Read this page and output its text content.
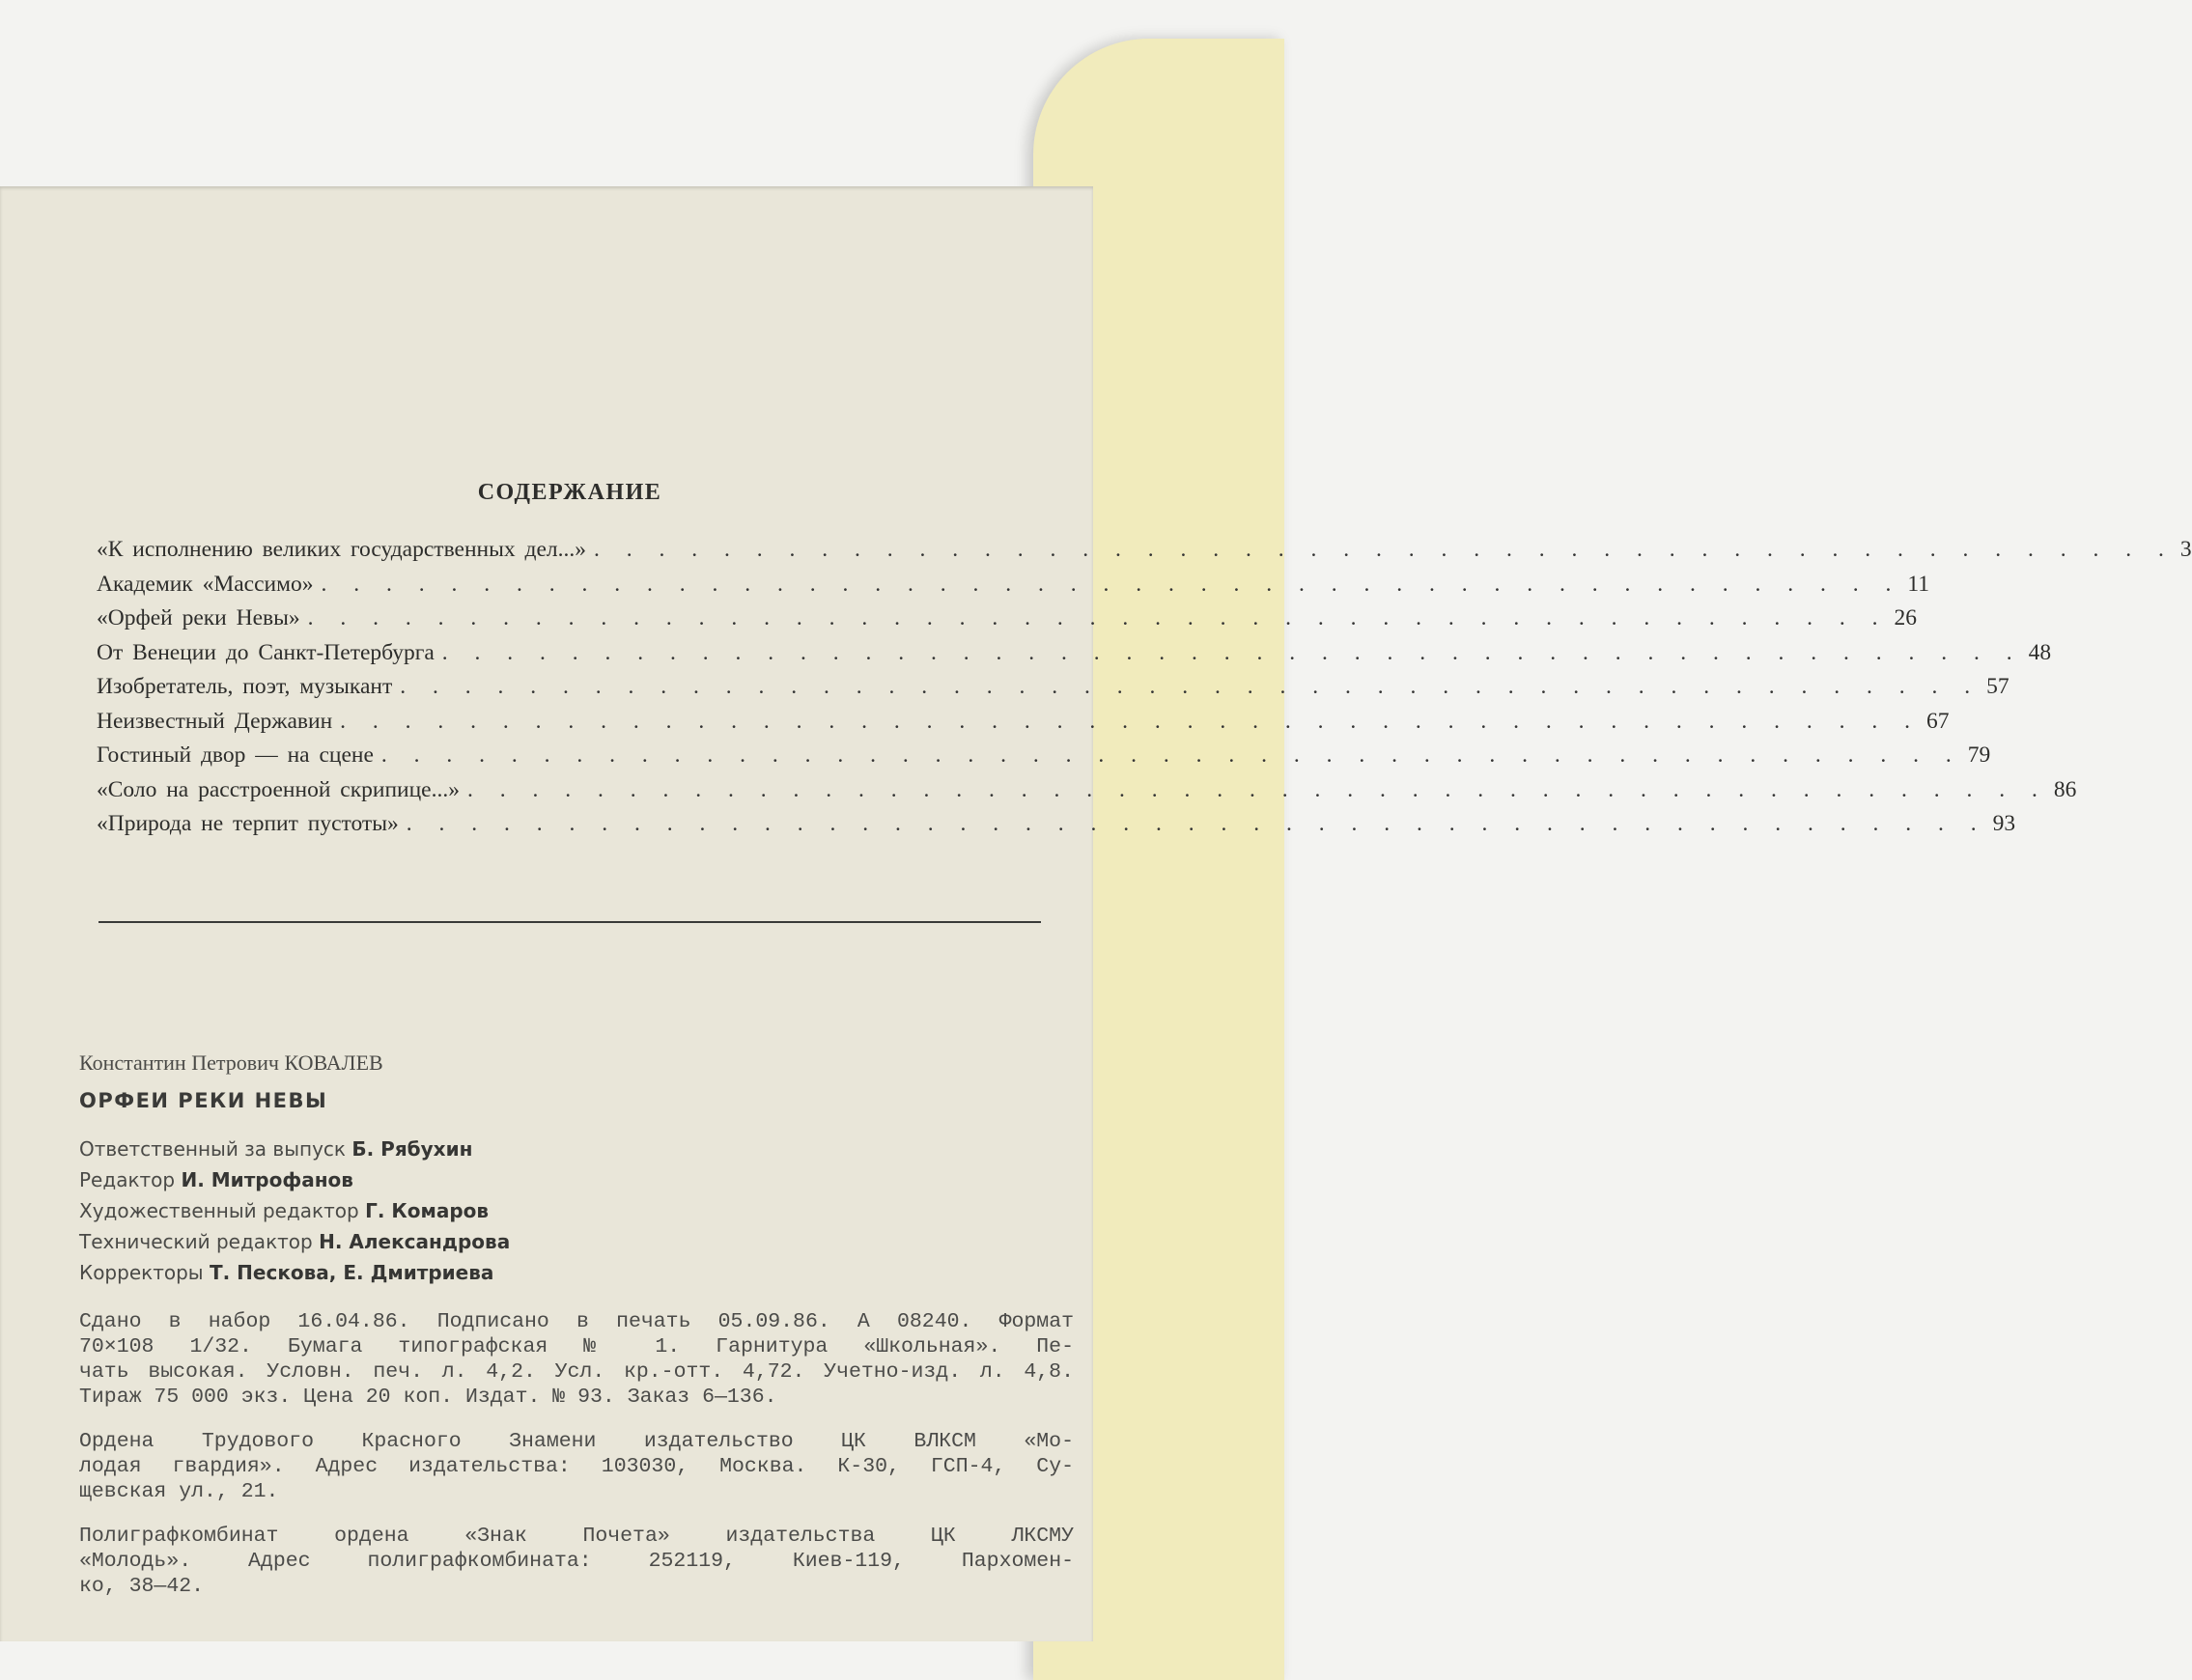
СОДЕРЖАНИЕ
«К исполнению великих государственных дел...» . . . . . . . . . . . . . . . . . . . . . . . . . . . . . . . . . . . . . . . . . . . . . . . . . 3
Академик «Массимо» . . . . . . . . . . . . . . . . . . . . . . . . . . . . . . . . . . . . . . . . . . . . . . . . . 11
«Орфей реки Невы» . . . . . . . . . . . . . . . . . . . . . . . . . . . . . . . . . . . . . . . . . . . . . . . . . 26
От Венеции до Санкт-Петербурга . . . . . . . . . . . . . . . . . . . . . . . . . . . . . . . . . . . . . . . . . . . . . . . . . 48
Изобретатель, поэт, музыкант . . . . . . . . . . . . . . . . . . . . . . . . . . . . . . . . . . . . . . . . . . . . . . . . . 57
Неизвестный Державин . . . . . . . . . . . . . . . . . . . . . . . . . . . . . . . . . . . . . . . . . . . . . . . . . 67
Гостиный двор — на сцене . . . . . . . . . . . . . . . . . . . . . . . . . . . . . . . . . . . . . . . . . . . . . . . . . 79
«Соло на расстроенной скрипице...» . . . . . . . . . . . . . . . . . . . . . . . . . . . . . . . . . . . . . . . . . . . . . . . . . 86
«Природа не терпит пустоты» . . . . . . . . . . . . . . . . . . . . . . . . . . . . . . . . . . . . . . . . . . . . . . . . . 93
Константин Петрович КОВАЛЕВ
ОРФЕИ РЕКИ НЕВЫ
Ответственный за выпуск Б. Рябухин
Редактор И. Митрофанов
Художественный редактор Г. Комаров
Технический редактор Н. Александрова
Корректоры Т. Пескова, Е. Дмитриева
Сдано в набор 16.04.86. Подписано в печать 05.09.86. А 08240. Формат
70×108 1/32. Бумага типографская № 1. Гарнитура «Школьная». Пе-
чать высокая. Условн. печ. л. 4,2. Усл. кр.-отт. 4,72. Учетно-изд. л. 4,8.
Тираж 75 000 экз. Цена 20 коп. Издат. № 93. Заказ 6—136.
Ордена Трудового Красного Знамени издательство ЦК ВЛКСМ «Мо-
лодая гвардия». Адрес издательства: 103030, Москва. К-30, ГСП-4, Су-
щевская ул., 21.
Полиграфкомбинат ордена «Знак Почета» издательства ЦК ЛКСМУ
«Молодь». Адрес полиграфкомбината: 252119, Киев-119, Пархомен-
ко, 38—42.
